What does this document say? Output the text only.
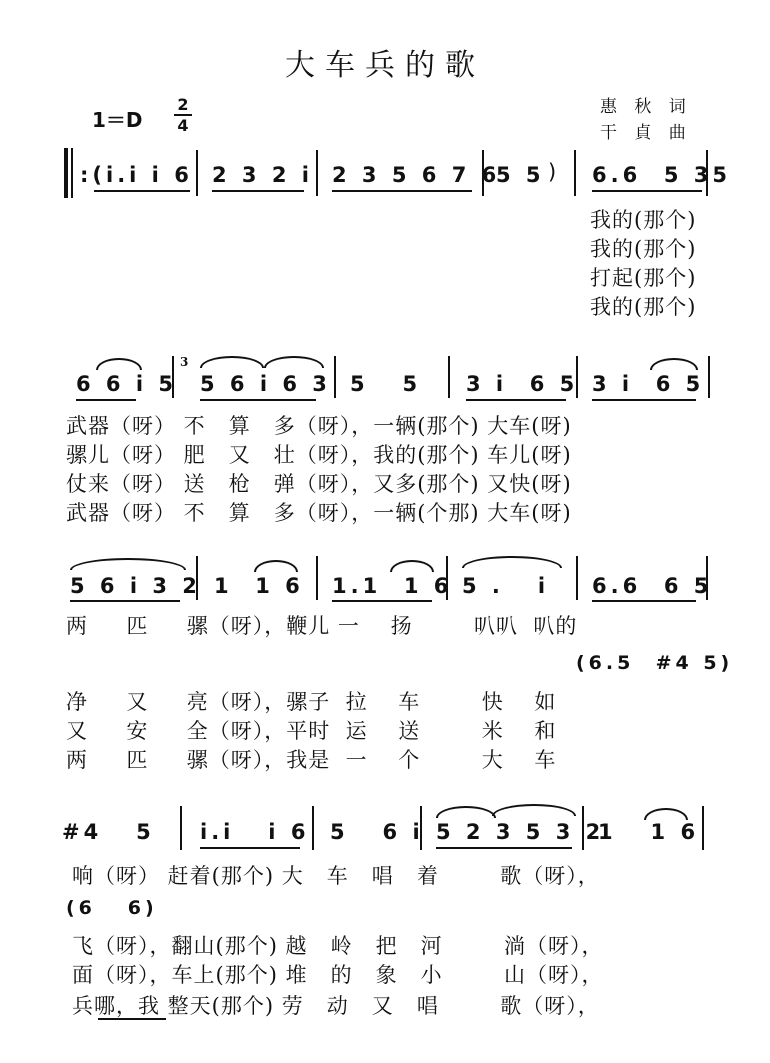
大车兵的歌
1＝D
2
4
惠 秋 词
干 貞 曲
:(i.i i 6 2 3 2 i 2 3 5 6 7 6
5 5 ) 6.6  5 35
我的(那个)
我的(那个)
打起(那个)
我的(那个)
6 6 i 5
3
5 6 i 6 3 5   5 3 i  6 5 3 i  6 5
武器（呀） 不   算   多（呀），一辆(那个) 大车(呀)
骡儿（呀） 肥   又   壮（呀），我的(那个) 车儿(呀)
仗来（呀） 送   枪   弹（呀），又多(那个) 又快(呀)
武器（呀） 不   算   多（呀），一辆(个那) 大车(呀)
5 6 i 3 2 1  1 6 1.1  1 6 5 .   i 6.6  6 5
两     匹     骡（呀），鞭儿 一    扬        叭叭  叭的
(6.5  #4 5)
净     又     亮（呀），骡子  拉    车        快    如
又     安     全（呀），平时  运    送        米    和
两     匹     骡（呀），我是  一    个        大    车
#4   5 i.i   i 6 5   6 i 5 2 3 5 3 2
1   1 6
响（呀） 赶着(那个) 大   车   唱   着        歌（呀），
(6   6)
飞（呀），翻山(那个) 越   岭   把   河        淌（呀），
面（呀），车上(那个) 堆   的   象   小        山（呀），
兵哪，我 整天(那个) 劳   动   又   唱        歌（呀），
